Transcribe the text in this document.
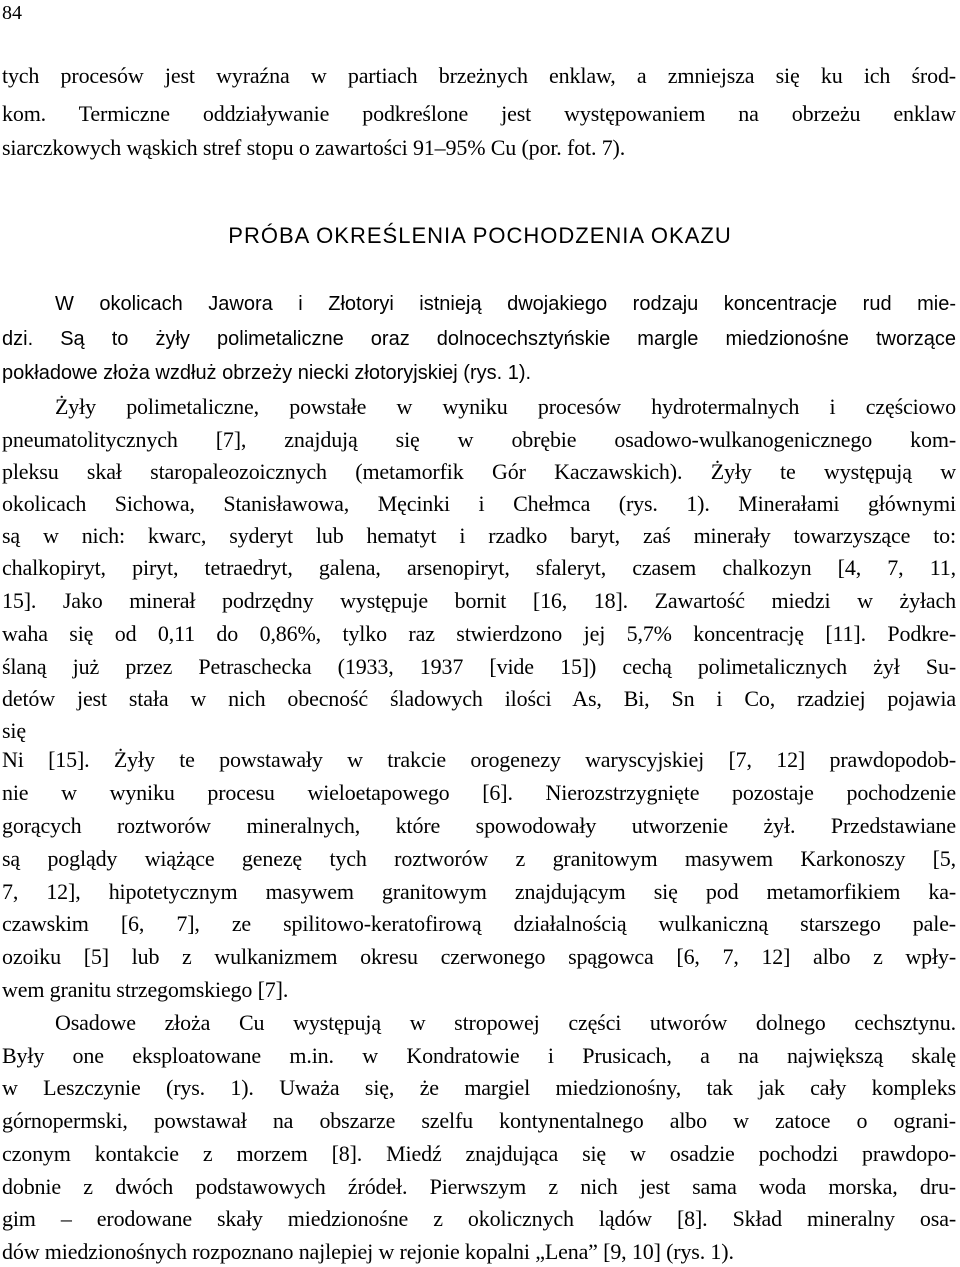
84
tych procesów jest wyraźna w partiach brzeżnych enklaw, a zmniejsza się ku ich środ-
kom. Termiczne oddziaływanie podkreślone jest występowaniem na obrzeżu enklaw
siarczkowych wąskich stref stopu o zawartości 91–95% Cu (por. fot. 7).
PRÓBA OKREŚLENIA POCHODZENIA OKAZU
W okolicach Jawora i Złotoryi istnieją dwojakiego rodzaju koncentracje rud mie-
dzi. Są to żyły polimetaliczne oraz dolnocechsztyńskie margle miedzionośne tworzące
pokładowe złoża wzdłuż obrzeży niecki złotoryjskiej (rys. 1).
Żyły polimetaliczne, powstałe w wyniku procesów hydrotermalnych i częściowo
pneumatolitycznych [7], znajdują się w obrębie osadowo-wulkanogenicznego kom-
pleksu skał staropaleozoicznych (metamorfik Gór Kaczawskich). Żyły te występują w
okolicach Sichowa, Stanisławowa, Męcinki i Chełmca (rys. 1). Minerałami głównymi
są w nich: kwarc, syderyt lub hematyt i rzadko baryt, zaś minerały towarzyszące to:
chalkopiryt, piryt, tetraedryt, galena, arsenopiryt, sfaleryt, czasem chalkozyn [4, 7, 11,
15]. Jako minerał podrzędny występuje bornit [16, 18]. Zawartość miedzi w żyłach
waha się od 0,11 do 0,86%, tylko raz stwierdzono jej 5,7% koncentrację [11]. Podkre-
ślaną już przez Petraschecka (1933, 1937 [vide 15]) cechą polimetalicznych żył Su-
detów jest stała w nich obecność śladowych ilości As, Bi, Sn i Co, rzadziej pojawia
się
Ni [15]. Żyły te powstawały w trakcie orogenezy waryscyjskiej [7, 12] prawdopodob-
nie w wyniku procesu wieloetapowego [6]. Nierozstrzygnięte pozostaje pochodzenie
gorących roztworów mineralnych, które spowodowały utworzenie żył. Przedstawiane
są poglądy wiążące genezę tych roztworów z granitowym masywem Karkonoszy [5,
7, 12], hipotetycznym masywem granitowym znajdującym się pod metamorfikiem ka-
czawskim [6, 7], ze spilitowo-keratofirową działalnością wulkaniczną starszego pale-
ozoiku [5] lub z wulkanizmem okresu czerwonego spągowca [6, 7, 12] albo z wpły-
wem granitu strzegomskiego [7].
Osadowe złoża Cu występują w stropowej części utworów dolnego cechsztynu.
Były one eksploatowane m.in. w Kondratowie i Prusicach, a na największą skalę
w Leszczynie (rys. 1). Uważa się, że margiel miedzionośny, tak jak cały kompleks
górnopermski, powstawał na obszarze szelfu kontynentalnego albo w zatoce o ograni-
czonym kontakcie z morzem [8]. Miedź znajdująca się w osadzie pochodzi prawdopo-
dobnie z dwóch podstawowych źródeł. Pierwszym z nich jest sama woda morska, dru-
gim – erodowane skały miedzionośne z okolicznych lądów [8]. Skład mineralny osa-
dów miedzionośnych rozpoznano najlepiej w rejonie kopalni „Lena” [9, 10] (rys. 1).
